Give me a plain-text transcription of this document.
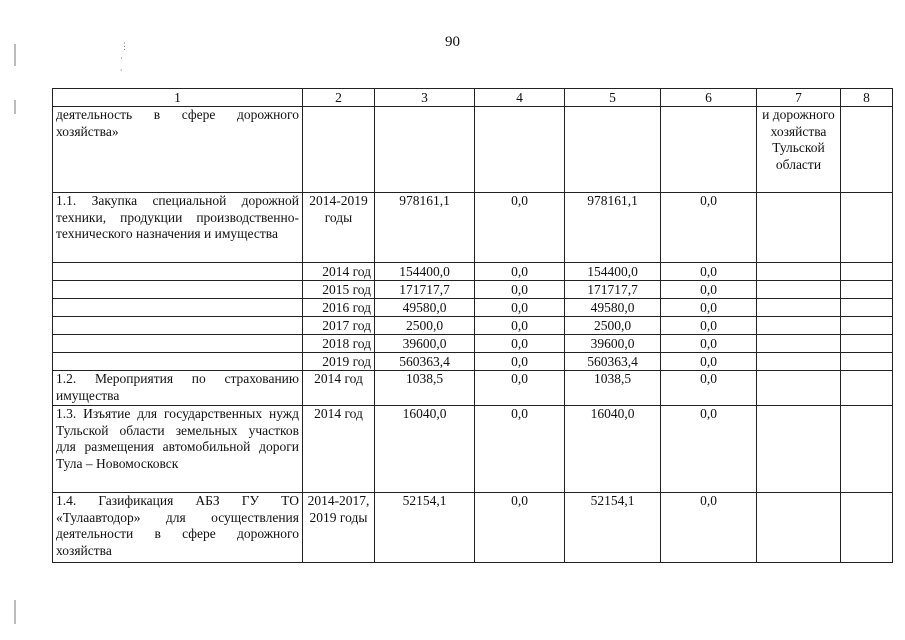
90
⋮
·
⸱
1	2	3	4	5	6	7	8
деятельность в сфере дорожного хозяйства»						и дорожного хозяйства Тульской области	
1.1. Закупка специальной дорожной техники, продукции производственно-технического назначения и имущества	2014-2019 годы	978161,1	0,0	978161,1	0,0		
	2014 год	154400,0	0,0	154400,0	0,0		
	2015 год	171717,7	0,0	171717,7	0,0		
	2016 год	49580,0	0,0	49580,0	0,0		
	2017 год	2500,0	0,0	2500,0	0,0		
	2018 год	39600,0	0,0	39600,0	0,0		
	2019 год	560363,4	0,0	560363,4	0,0		
1.2. Мероприятия по страхованию имущества	2014 год	1038,5	0,0	1038,5	0,0		
1.3. Изъятие для государственных нужд Тульской области земельных участков для размещения автомобильной дороги Тула – Новомосковск	2014 год	16040,0	0,0	16040,0	0,0		
1.4. Газификация АБЗ ГУ ТО «Тулаавтодор» для осуществления деятельности в сфере дорожного хозяйства	2014-2017, 2019 годы	52154,1	0,0	52154,1	0,0		
